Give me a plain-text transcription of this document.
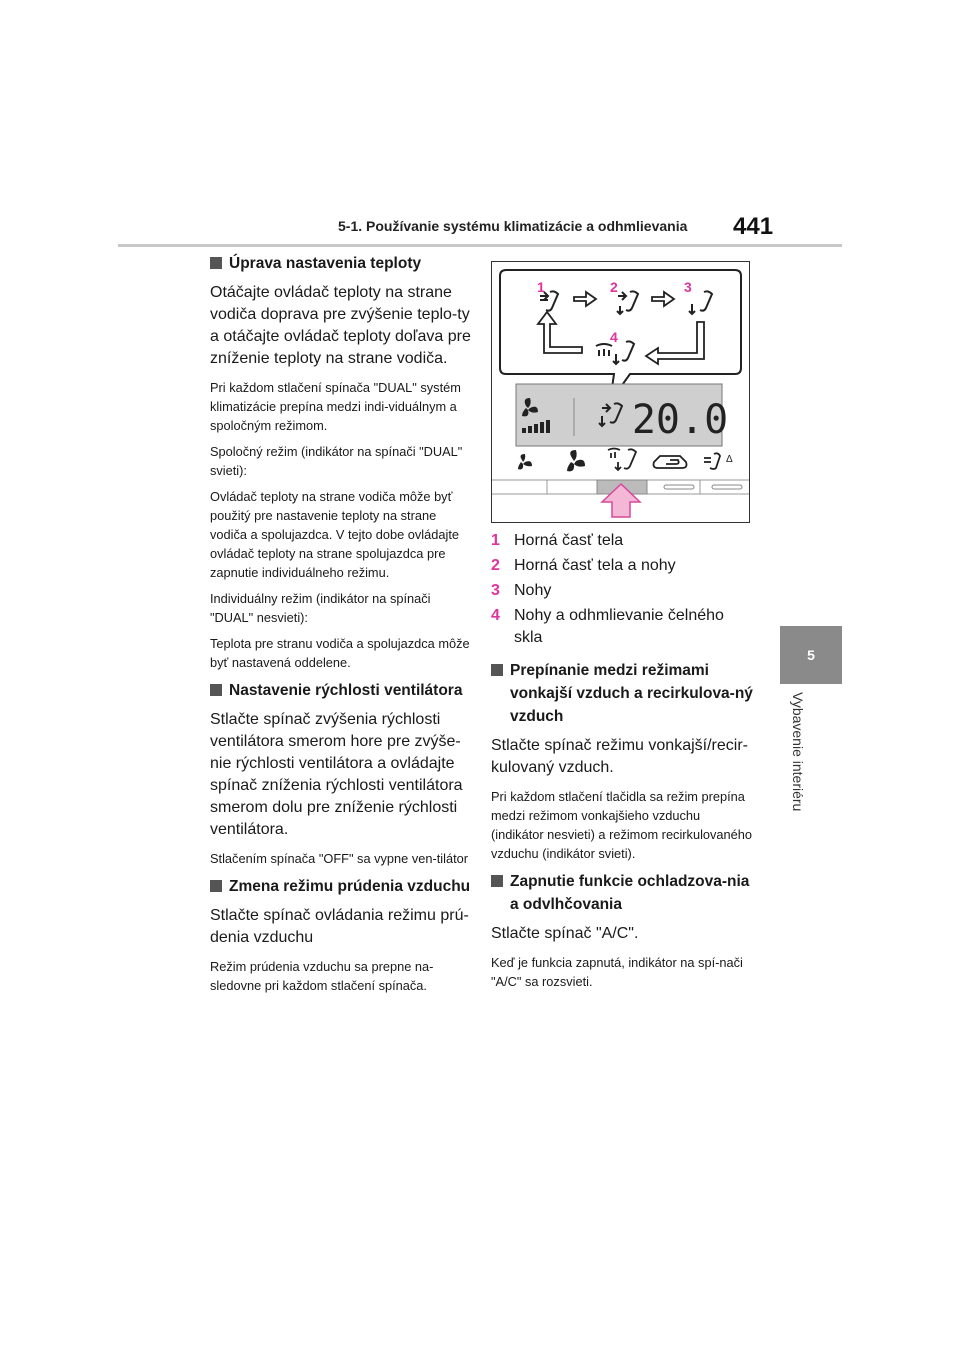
5-1. Používanie systému klimatizácie a odhmlievania 441
5
Vybavenie interiéru
Úprava nastavenia teploty

Otáčajte ovládač teploty na strane vodiča doprava pre zvýšenie teplo-ty a otáčajte ovládač teploty doľava pre zníženie teploty na strane vodiča.

Pri každom stlačení spínača "DUAL" systém klimatizácie prepína medzi indi-viduálnym a spoločným režimom.

Spoločný režim (indikátor na spínači "DUAL" svieti):

Ovládač teploty na strane vodiča môže byť použitý pre nastavenie teploty na strane vodiča a spolujazdca. V tejto dobe ovládajte ovládač teploty na strane spolujazdca pre zapnutie individuálneho režimu.

Individuálny režim (indikátor na spínači "DUAL" nesvieti):

Teplota pre stranu vodiča a spolujazdca môže byť nastavená oddelene.

Nastavenie rýchlosti ventilátora

Stlačte spínač zvýšenia rýchlosti ventilátora smerom hore pre zvýše-nie rýchlosti ventilátora a ovládajte spínač zníženia rýchlosti ventilátora smerom dolu pre zníženie rýchlosti ventilátora.

Stlačením spínača "OFF" sa vypne ven-tilátor

Zmena režimu prúdenia vzduchu

Stlačte spínač ovládania režimu prú-denia vzduchu

Režim prúdenia vzduchu sa prepne na-sledovne pri každom stlačení spínača.

20.0
Δ
1	2	3
4
1 Horná časť tela
2 Horná časť tela a nohy
3 Nohy
4 Nohy a odhmlievanie čelného skla
Prepínanie medzi režimami vonkajší vzduch a recirkulova-ný vzduch

Stlačte spínač režimu vonkajší/recir-kulovaný vzduch.

Pri každom stlačení tlačidla sa režim prepína medzi režimom vonkajšieho vzduchu (indikátor nesvieti) a režimom recirkulovaného vzduchu (indikátor svieti).

Zapnutie funkcie ochladzova-nia a odvlhčovania

Stlačte spínač "A/C".

Keď je funkcia zapnutá, indikátor na spí-nači "A/C" sa rozsvieti.
